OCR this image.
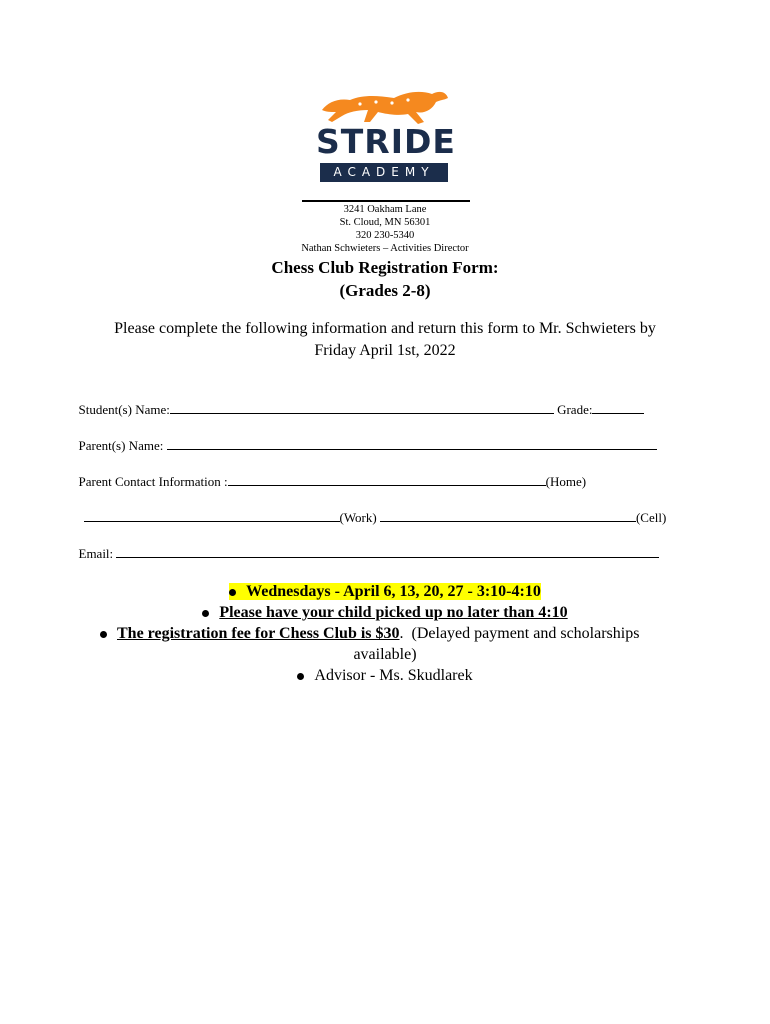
STRIDE
ACADEMY
3241 Oakham Lane
St. Cloud, MN 56301
320 230-5340
Nathan Schwieters – Activities Director
Chess Club Registration Form:
(Grades 2-8)
Please complete the following information and return this form to Mr. Schwieters by
Friday April 1st, 2022

Student(s) Name:	Grade:

Parent(s) Name:

Parent Contact Information :	(Home)

(Work)	(Cell)

Email:

Wednesdays - April 6, 13, 20, 27 - 3:10-4:10
Please have your child picked up no later than 4:10
The registration fee for Chess Club is $30. (Delayed payment and scholarships
available)
Advisor - Ms. Skudlarek
